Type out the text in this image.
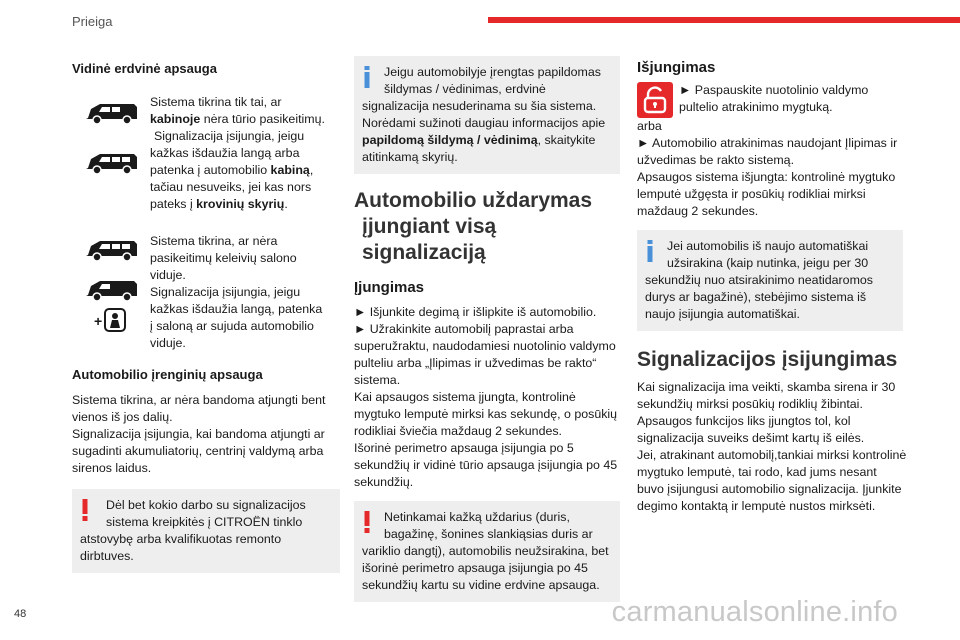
Prieiga
Vidinė erdvinė apsauga
Sistema tikrina tik tai, ar
kabinoje nėra tūrio pasikeitimų.
Signalizacija įsijungia, jeigu
kažkas išdaužia langą arba
patenka į automobilio kabiną,
tačiau nesuveiks, jei kas nors
pateks į krovinių skyrių.
+
Sistema tikrina, ar nėra
pasikeitimų keleivių salono
viduje.
Signalizacija įsijungia, jeigu
kažkas išdaužia langą, patenka
į saloną ar sujuda automobilio
viduje.
Automobilio įrenginių apsauga
Sistema tikrina, ar nėra bandoma atjungti bent
vienos iš jos dalių.
Signalizacija įsijungia, kai bandoma atjungti ar
sugadinti akumuliatorių, centrinį valdymą arba
sirenos laidus.
Dėl bet kokio darbo su signalizacijos
sistema kreipkitės į CITROËN tinklo
atstovybę arba kvalifikuotas remonto
dirbtuves.
Jeigu automobilyje įrengtas papildomas
šildymas / vėdinimas, erdvinė
signalizacija nesuderinama su šia sistema.
Norėdami sužinoti daugiau informacijos apie
papildomą šildymą / vėdinimą, skaitykite
atitinkamą skyrių.
Automobilio uždarymas
įjungiant visą signalizaciją
Įjungimas
► Išjunkite degimą ir išlipkite iš automobilio.
► Užrakinkite automobilį paprastai arba
superužraktu, naudodamiesi nuotolinio valdymo
pulteliu arba „Įlipimas ir užvedimas be rakto“
sistema.
Kai apsaugos sistema įjungta, kontrolinė
mygtuko lemputė mirksi kas sekundę, o posūkių
rodikliai šviečia maždaug 2 sekundes.
Išorinė perimetro apsauga įsijungia po 5
sekundžių ir vidinė tūrio apsauga įsijungia po 45
sekundžių.
Netinkamai kažką uždarius (duris,
bagažinę, šonines slankiąsias duris ar
variklio dangtį), automobilis neužsirakina, bet
išorinė perimetro apsauga įsijungia po 45
sekundžių kartu su vidine erdvine apsauga.
Išjungimas
► Paspauskite nuotolinio valdymo
pultelio atrakinimo mygtuką.
arba
► Automobilio atrakinimas naudojant Įlipimas ir
užvedimas be rakto sistemą.
Apsaugos sistema išjungta: kontrolinė mygtuko
lemputė užgęsta ir posūkių rodikliai mirksi
maždaug 2 sekundes.
Jei automobilis iš naujo automatiškai
užsirakina (kaip nutinka, jeigu per 30
sekundžių nuo atsirakinimo neatidaromos
durys ar bagažinė), stebėjimo sistema iš
naujo įsijungia automatiškai.
Signalizacijos įsijungimas
Kai signalizacija ima veikti, skamba sirena ir 30
sekundžių mirksi posūkių rodiklių žibintai.
Apsaugos funkcijos liks įjungtos tol, kol
signalizacija suveiks dešimt kartų iš eilės.
Jei, atrakinant automobilį,tankiai mirksi kontrolinė
mygtuko lemputė, tai rodo, kad jums nesant
buvo įsijungusi automobilio signalizacija. Įjunkite
degimo kontaktą ir lemputė nustos mirksėti.
48	carmanualsonline.info
